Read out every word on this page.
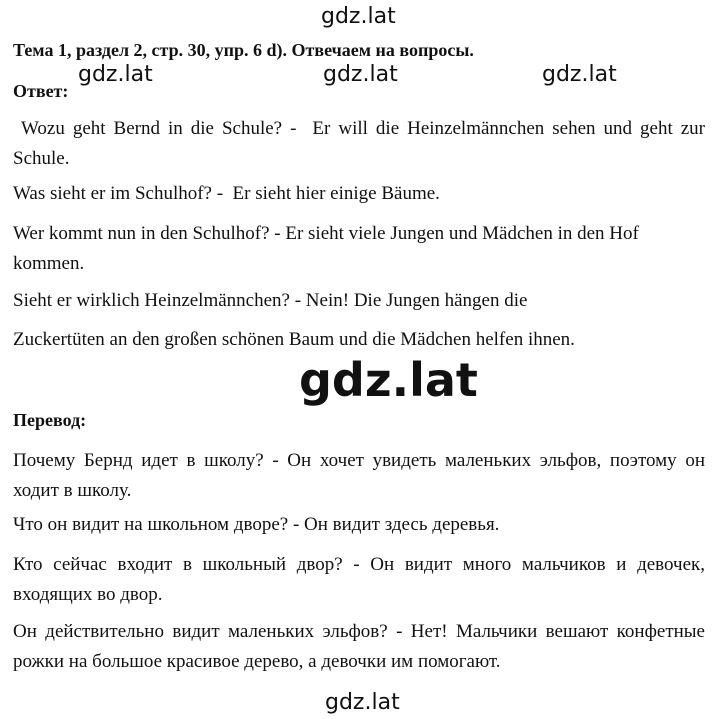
gdz.lat
gdz.lat	gdz.lat	gdz.lat
gdz.lat
gdz.lat
Тема 1, раздел 2, стр. 30, упр. 6 d). Отвечаем на вопросы.
Ответ:

Wozu geht Bernd in die Schule? -  Er will die Heinzelmännchen sehen und geht zur Schule.

Was sieht er im Schulhof? -  Er sieht hier einige Bäume.

Wer kommt nun in den Schulhof? - Er sieht viele Jungen und Mädchen in den Hof kommen.

Sieht er wirklich Heinzelmännchen? - Nein! Die Jungen hängen die

Zuckertüten an den großen schönen Baum und die Mädchen helfen ihnen.

Перевод:

Почему Бернд идет в школу? - Он хочет увидеть маленьких эльфов, поэтому он ходит в школу.

Что он видит на школьном дворе? - Он видит здесь деревья.

Кто сейчас входит в школьный двор? - Он видит много мальчиков и девочек, входящих во двор.

Он действительно видит маленьких эльфов? - Нет! Мальчики вешают конфетные рожки на большое красивое дерево, а девочки им помогают.
